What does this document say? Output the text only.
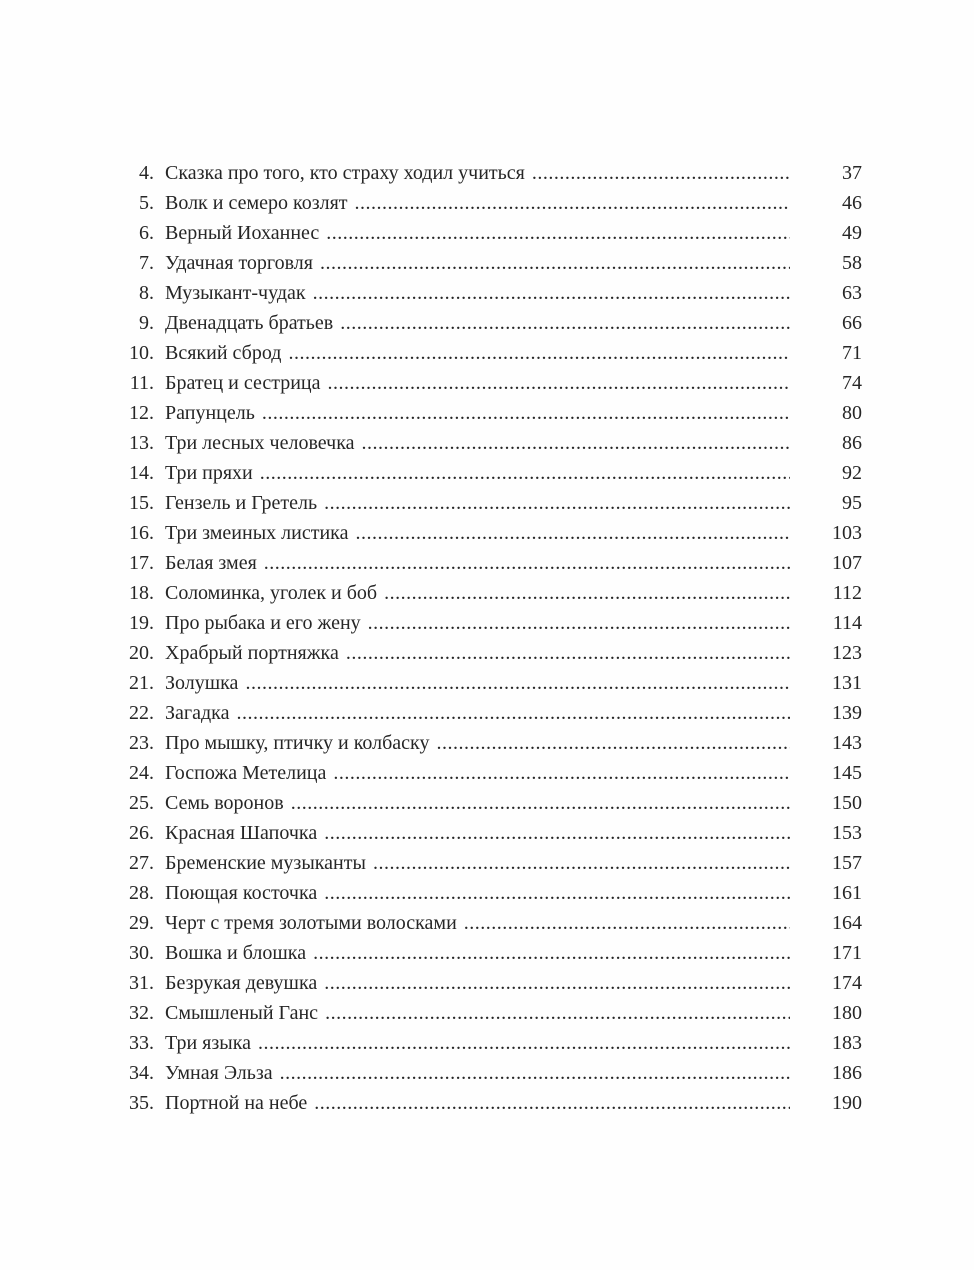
4. Сказка про того, кто страху ходил учиться .....	37
5. Волк и семеро козлят .....	46
6. Верный Иоханнес .....	49
7. Удачная торговля .....	58
8. Музыкант-чудак .....	63
9. Двенадцать братьев .....	66
10. Всякий сброд .....	71
11. Братец и сестрица .....	74
12. Рапунцель .....	80
13. Три лесных человечка .....	86
14. Три пряхи .....	92
15. Гензель и Гретель .....	95
16. Три змеиных листика .....	103
17. Белая змея .....	107
18. Соломинка, уголек и боб .....	112
19. Про рыбака и его жену .....	114
20. Храбрый портняжка .....	123
21. Золушка .....	131
22. Загадка .....	139
23. Про мышку, птичку и колбаску .....	143
24. Госпожа Метелица .....	145
25. Семь воронов .....	150
26. Красная Шапочка .....	153
27. Бременские музыканты .....	157
28. Поющая косточка .....	161
29. Черт с тремя золотыми волосками .....	164
30. Вошка и блошка .....	171
31. Безрукая девушка .....	174
32. Смышленый Ганс .....	180
33. Три языка .....	183
34. Умная Эльза .....	186
35. Портной на небе .....	190
